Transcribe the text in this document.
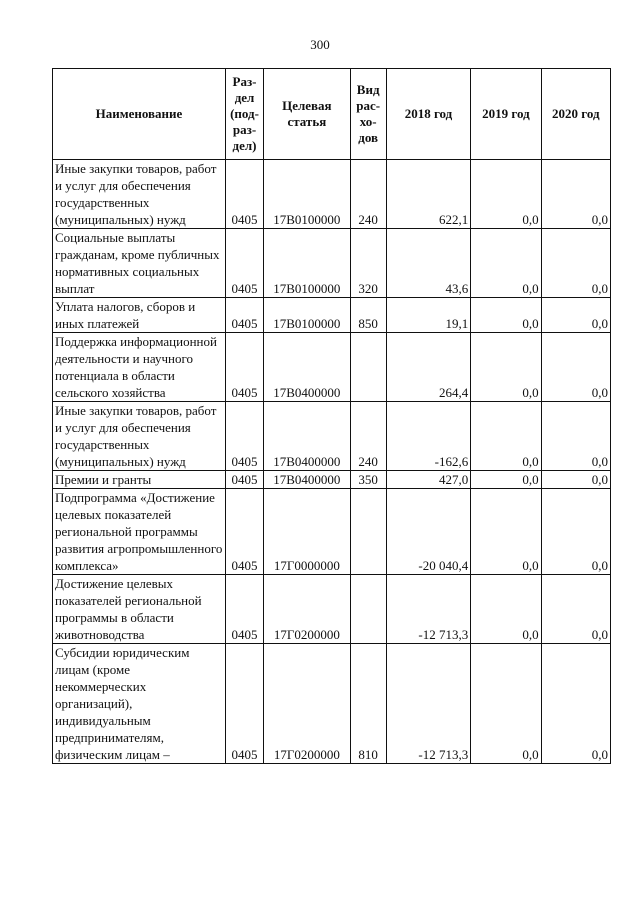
300
Наименование	Раз-дел (под-раз-дел)	Целевая статья	Вид рас-хо-дов	2018 год	2019 год	2020 год
Иные закупки товаров, работ и услуг для обеспечения государственных (муниципальных) нужд	0405	17В0100000	240	622,1	0,0	0,0
Социальные выплаты гражданам, кроме публичных нормативных социальных выплат	0405	17В0100000	320	43,6	0,0	0,0
Уплата налогов, сборов и иных платежей	0405	17В0100000	850	19,1	0,0	0,0
Поддержка информационной деятельности и научного потенциала в области сельского хозяйства	0405	17В0400000		264,4	0,0	0,0
Иные закупки товаров, работ и услуг для обеспечения государственных (муниципальных) нужд	0405	17В0400000	240	-162,6	0,0	0,0
Премии и гранты	0405	17В0400000	350	427,0	0,0	0,0
Подпрограмма «Достижение целевых показателей региональной программы развития агропромышленного комплекса»	0405	17Г0000000		-20 040,4	0,0	0,0
Достижение целевых показателей региональной программы в области животноводства	0405	17Г0200000		-12 713,3	0,0	0,0
Субсидии юридическим лицам (кроме некоммерческих организаций), индивидуальным предпринимателям, физическим лицам –	0405	17Г0200000	810	-12 713,3	0,0	0,0
